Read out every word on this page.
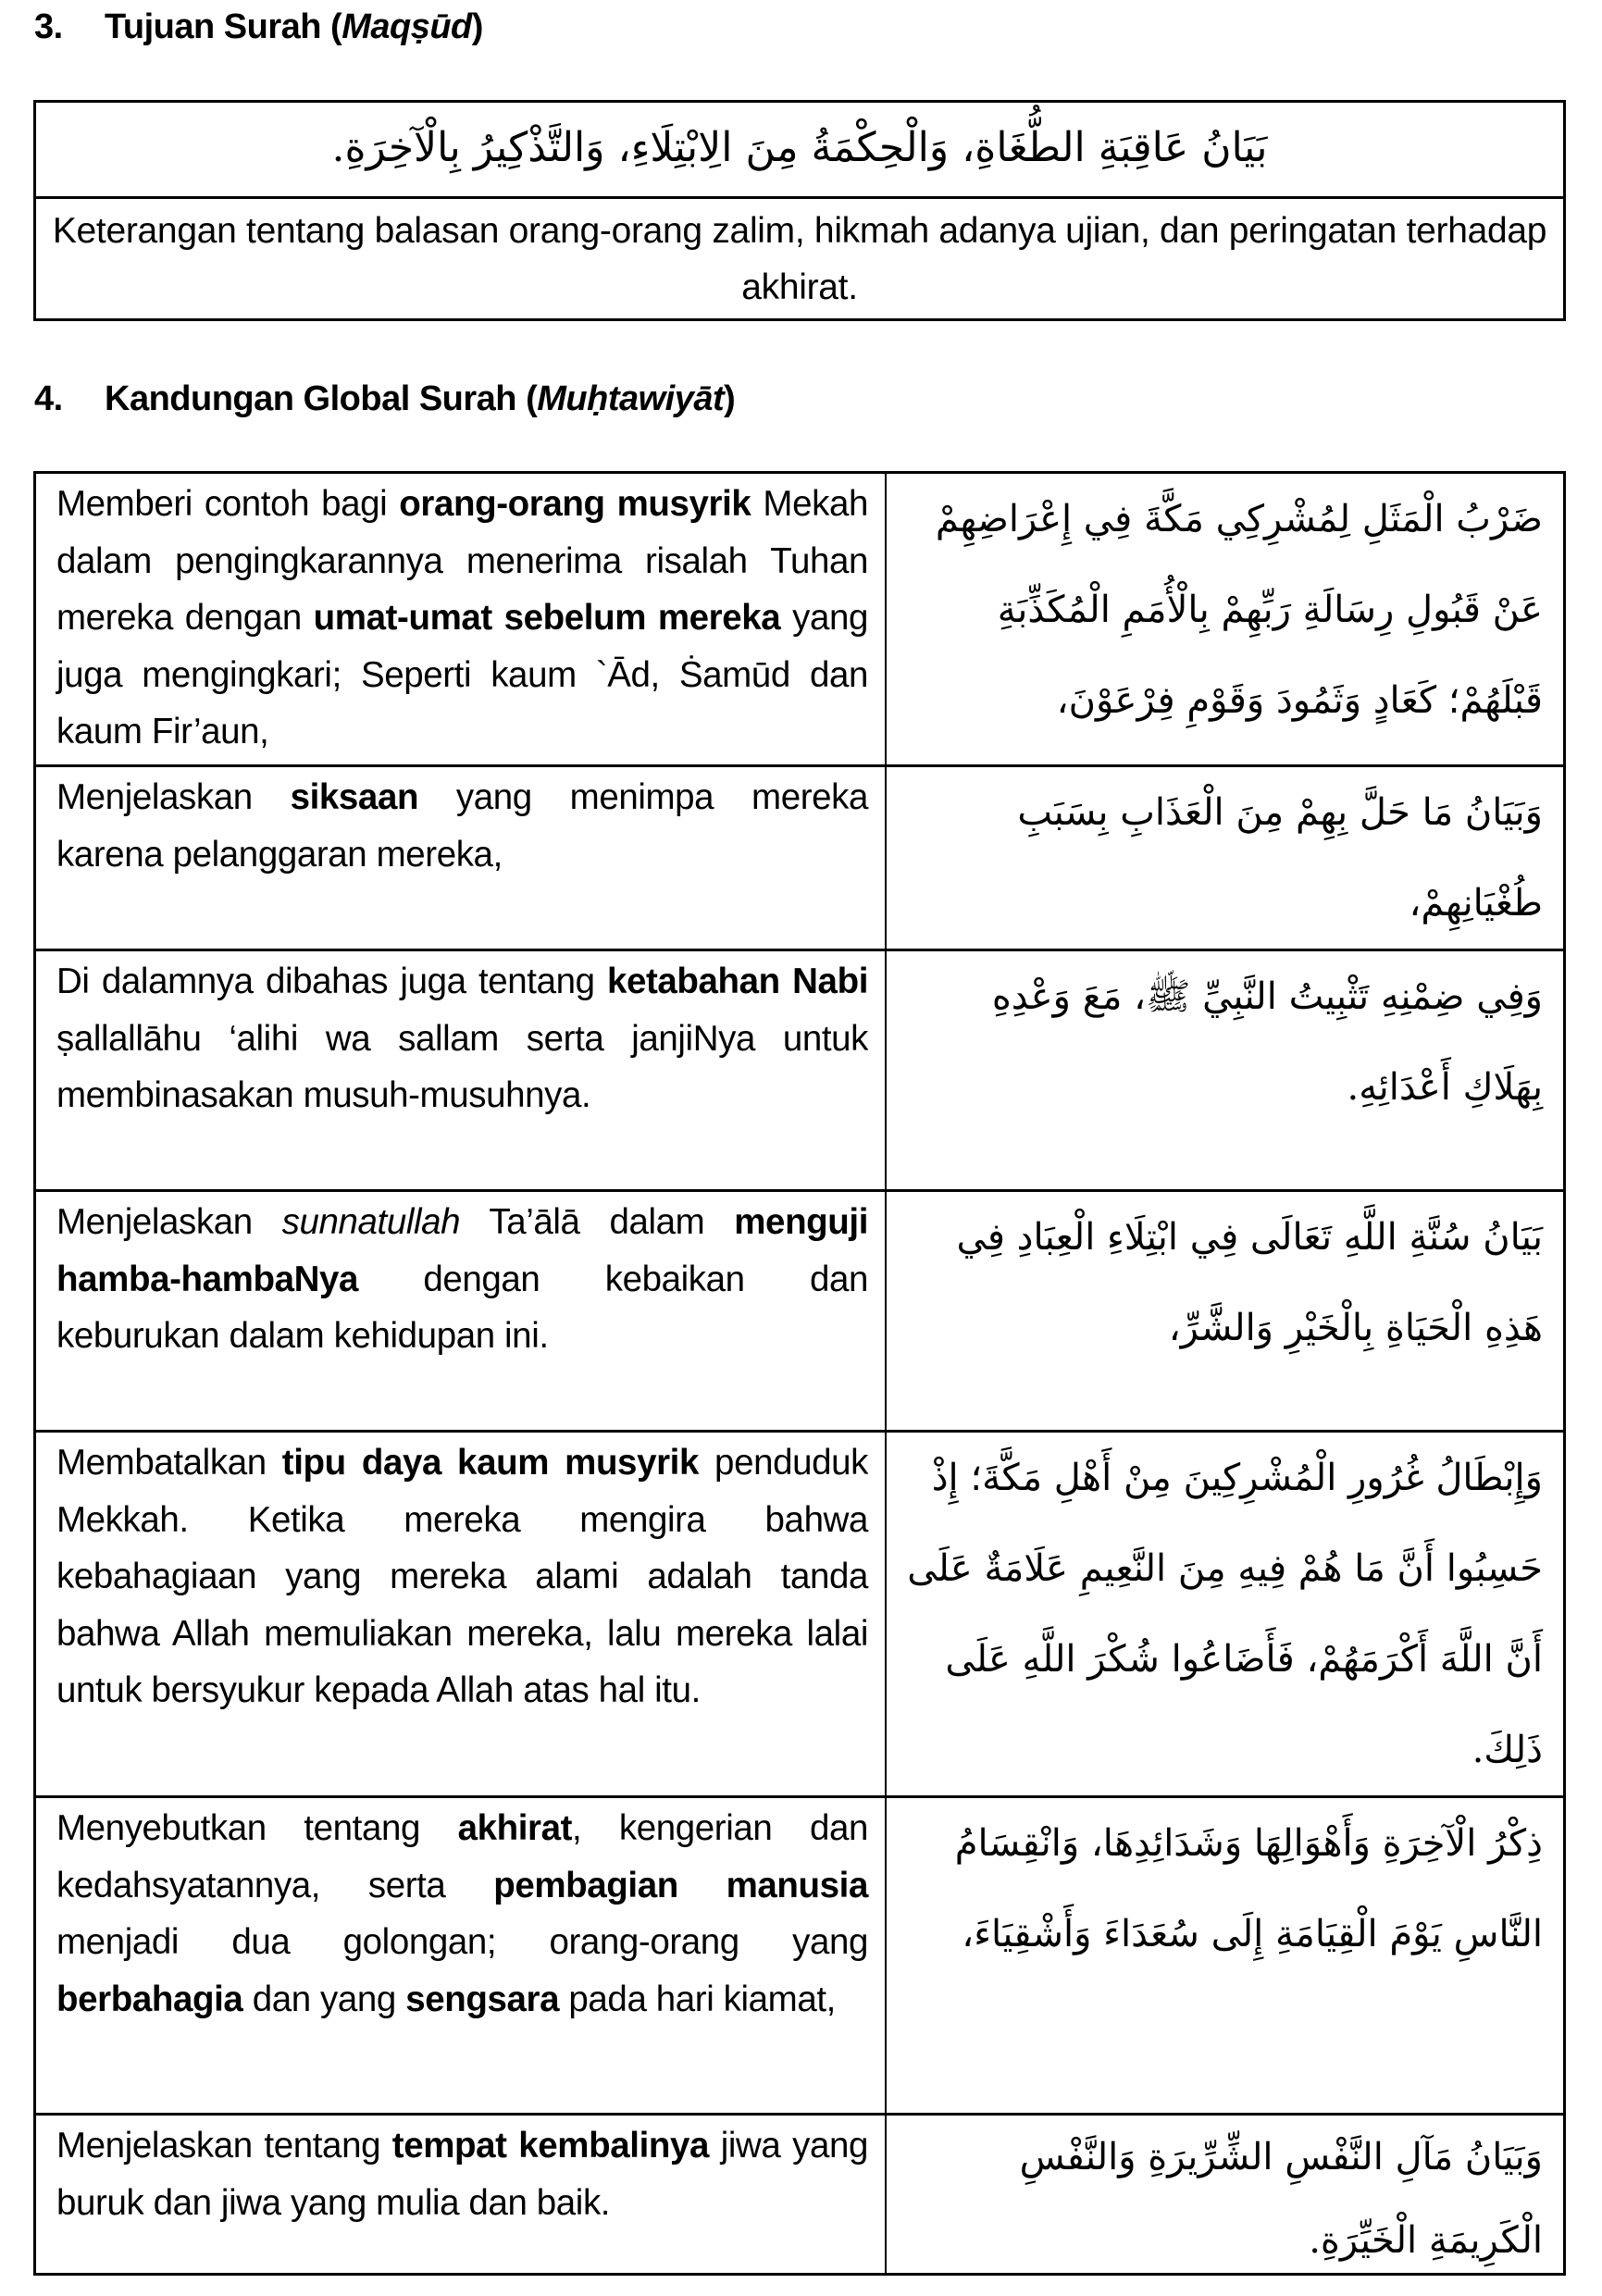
3. Tujuan Surah (Maqṣūd)
بَيَانُ عَاقِبَةِ الطُّغَاةِ، وَالْحِكْمَةُ مِنَ الِابْتِلَاءِ، وَالتَّذْكِيرُ بِالْآخِرَةِ.
Keterangan tentang balasan orang-orang zalim, hikmah adanya ujian, dan peringatan terhadap akhirat.
4. Kandungan Global Surah (Muḥtawiyāt)
Memberi contoh bagi orang-orang musyrik Mekah dalam pengingkarannya menerima risalah Tuhan mereka dengan umat-umat sebelum mereka yang juga mengingkari; Seperti kaum `Ād, Ṡamūd dan kaum Fir’aun,
ضَرْبُ الْمَثَلِ لِمُشْرِكِي مَكَّةَ فِي إِعْرَاضِهِمْ عَنْ قَبُولِ رِسَالَةِ رَبِّهِمْ بِالْأُمَمِ الْمُكَذِّبَةِ قَبْلَهُمْ؛ كَعَادٍ وَثَمُودَ وَقَوْمِ فِرْعَوْنَ،
Menjelaskan siksaan yang menimpa mereka karena pelanggaran mereka,
وَبَيَانُ مَا حَلَّ بِهِمْ مِنَ الْعَذَابِ بِسَبَبِ طُغْيَانِهِمْ،
Di dalamnya dibahas juga tentang ketabahan Nabi ṣallallāhu ‘alihi wa sallam serta janjiNya untuk membinasakan musuh-musuhnya.
وَفِي ضِمْنِهِ تَثْبِيتُ النَّبِيِّ ﷺ، مَعَ وَعْدِهِ بِهَلَاكِ أَعْدَائِهِ.
Menjelaskan sunnatullah Ta’ālā dalam menguji hamba-hambaNya dengan kebaikan dan keburukan dalam kehidupan ini.
بَيَانُ سُنَّةِ اللَّهِ تَعَالَى فِي ابْتِلَاءِ الْعِبَادِ فِي هَذِهِ الْحَيَاةِ بِالْخَيْرِ وَالشَّرِّ،
Membatalkan tipu daya kaum musyrik penduduk Mekkah. Ketika mereka mengira bahwa kebahagiaan yang mereka alami adalah tanda bahwa Allah memuliakan mereka, lalu mereka lalai untuk bersyukur kepada Allah atas hal itu.
وَإِبْطَالُ غُرُورِ الْمُشْرِكِينَ مِنْ أَهْلِ مَكَّةَ؛ إِذْ حَسِبُوا أَنَّ مَا هُمْ فِيهِ مِنَ النَّعِيمِ عَلَامَةٌ عَلَى أَنَّ اللَّهَ أَكْرَمَهُمْ، فَأَضَاعُوا شُكْرَ اللَّهِ عَلَى ذَلِكَ.
Menyebutkan tentang akhirat, kengerian dan kedahsyatannya, serta pembagian manusia menjadi dua golongan; orang-orang yang berbahagia dan yang sengsara pada hari kiamat,
ذِكْرُ الْآخِرَةِ وَأَهْوَالِهَا وَشَدَائِدِهَا، وَانْقِسَامُ النَّاسِ يَوْمَ الْقِيَامَةِ إِلَى سُعَدَاءَ وَأَشْقِيَاءَ،
Menjelaskan tentang tempat kembalinya jiwa yang buruk dan jiwa yang mulia dan baik.
وَبَيَانُ مَآلِ النَّفْسِ الشِّرِّيرَةِ وَالنَّفْسِ الْكَرِيمَةِ الْخَيِّرَةِ.
